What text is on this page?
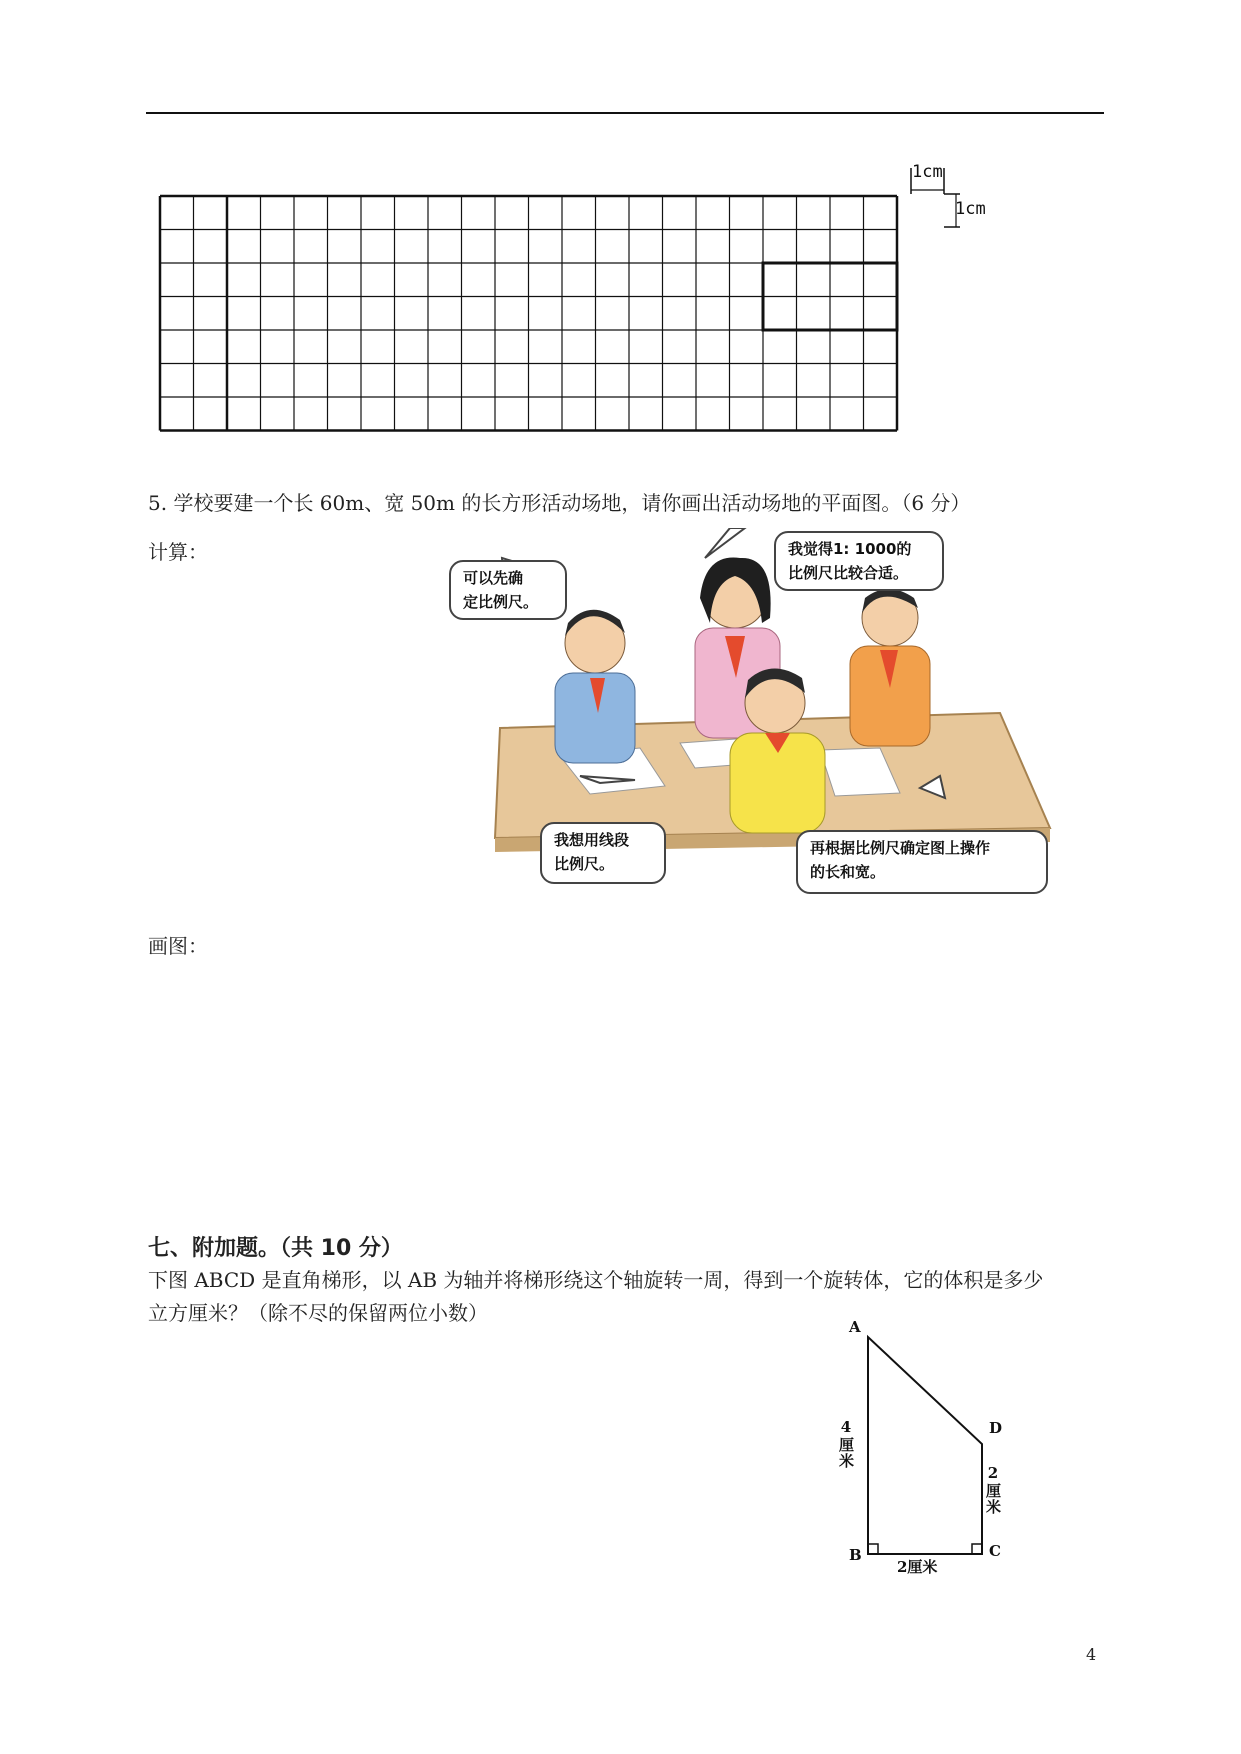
1cm
1cm
5. 学校要建一个长 60m、宽 50m 的长方形活动场地，请你画出活动场地的平面图。（6 分）
计算：
可以先确
定比例尺。
我觉得1: 1000的
比例尺比较合适。
我想用线段
比例尺。
再根据比例尺确定图上操作
的长和宽。
画图：
七、附加题。（共 10 分）
下图 ABCD 是直角梯形，以 AB 为轴并将梯形绕这个轴旋转一周，得到一个旋转体，它的体积是多少
立方厘米？（除不尽的保留两位小数）
A
B	C
D
4厘米
2厘米
2厘米
4
